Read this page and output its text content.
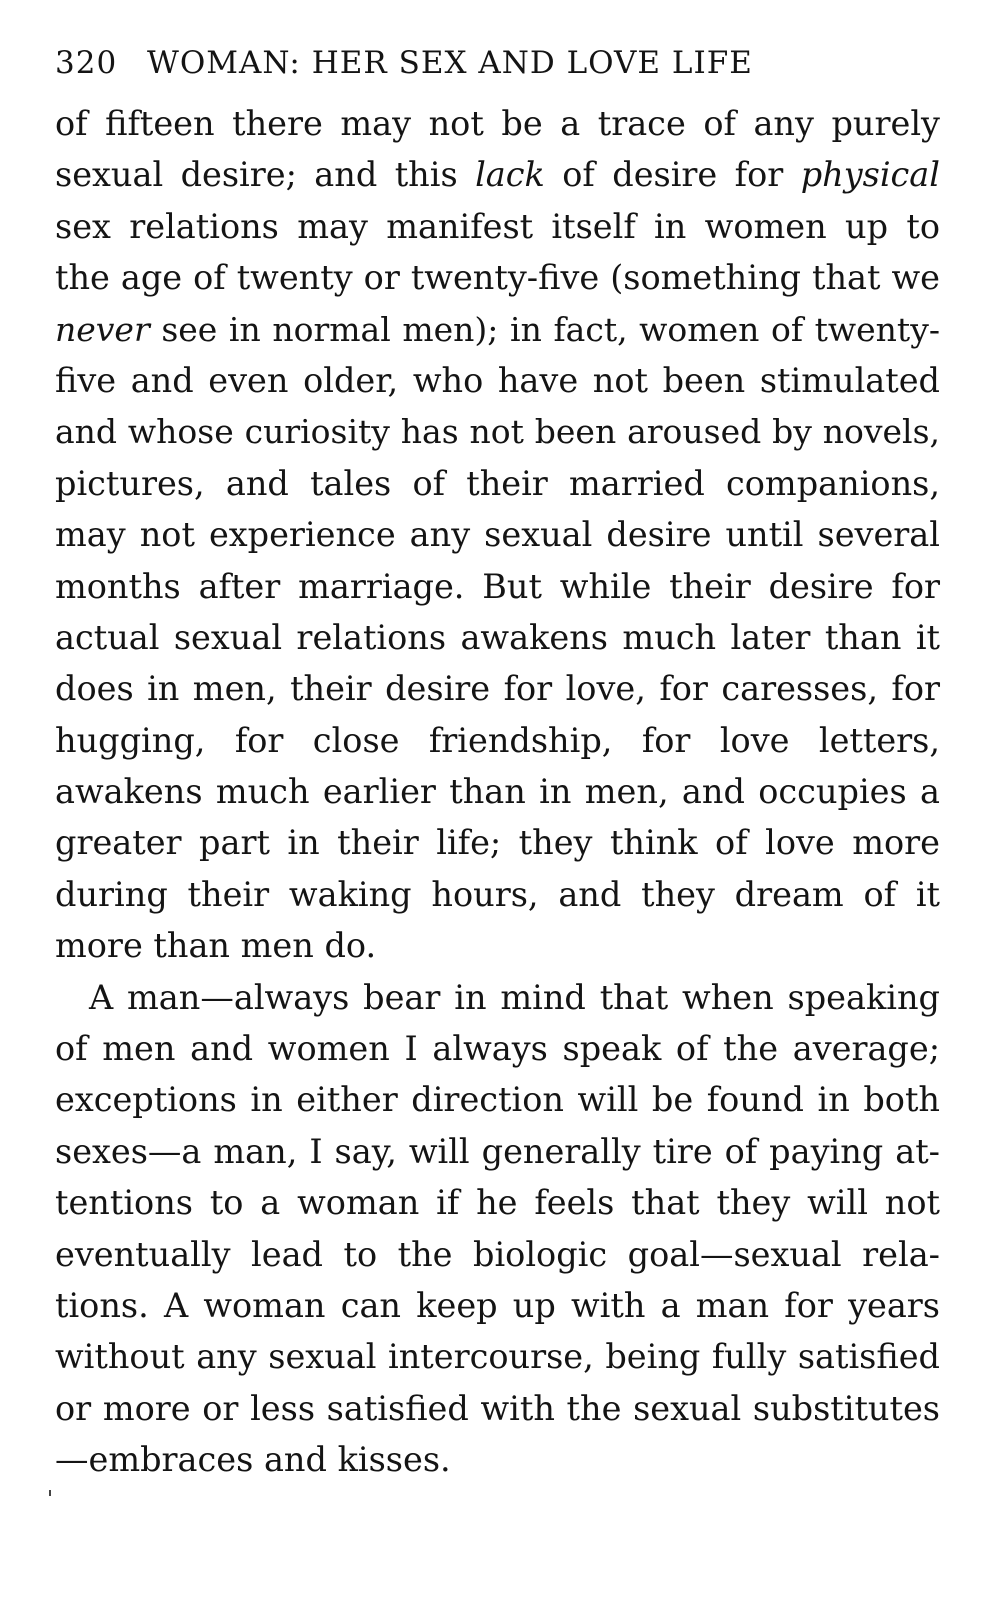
320 WOMAN: HER SEX AND LOVE LIFE
of fifteen there may not be a trace of any purely
sexual desire; and this lack of desire for physical
sex relations may manifest itself in women up to
the age of twenty or twenty-five (something that we
never see in normal men); in fact, women of twenty-
five and even older, who have not been stimulated
and whose curiosity has not been aroused by novels,
pictures, and tales of their married companions,
may not experience any sexual desire until several
months after marriage. But while their desire for
actual sexual relations awakens much later than it
does in men, their desire for love, for caresses, for
hugging, for close friendship, for love letters,
awakens much earlier than in men, and occupies a
greater part in their life; they think of love more
during their waking hours, and they dream of it
more than men do.
A man—always bear in mind that when speaking
of men and women I always speak of the average;
exceptions in either direction will be found in both
sexes—a man, I say, will generally tire of paying at-
tentions to a woman if he feels that they will not
eventually lead to the biologic goal—sexual rela-
tions. A woman can keep up with a man for years
without any sexual intercourse, being fully satisfied
or more or less satisfied with the sexual substitutes
—embraces and kisses.
